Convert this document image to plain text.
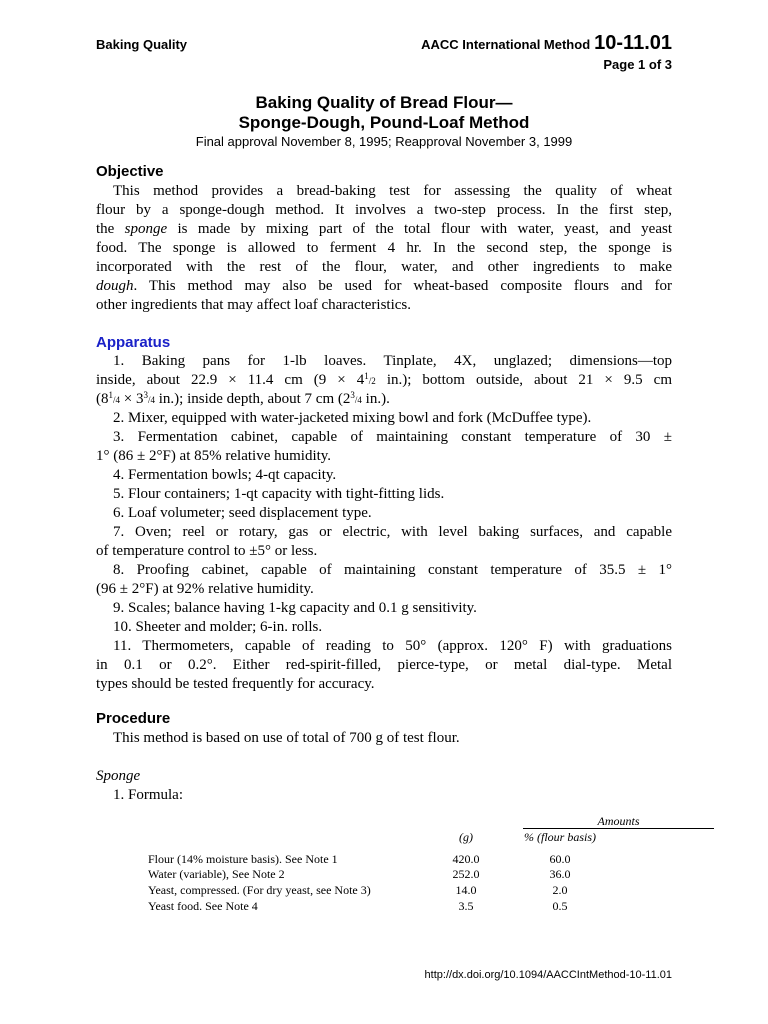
Baking Quality	AACC International Method 10-11.01
Page 1 of 3
Baking Quality of Bread Flour—
Sponge-Dough, Pound-Loaf Method
Final approval November 8, 1995; Reapproval November 3, 1999
Objective

This method provides a bread-baking test for assessing the quality of wheat

flour by a sponge-dough method. It involves a two-step process. In the first step,

the sponge is made by mixing part of the total flour with water, yeast, and yeast

food. The sponge is allowed to ferment 4 hr. In the second step, the sponge is

incorporated with the rest of the flour, water, and other ingredients to make

dough. This method may also be used for wheat-based composite flours and for

other ingredients that may affect loaf characteristics.

Apparatus

1. Baking pans for 1-lb loaves. Tinplate, 4X, unglazed; dimensions—top

inside, about 22.9 × 11.4 cm ($9 \times 4^1/2$ in.); bottom outside, about 21 × 9.5 cm

($8^1/4 \times 3^3/4$ in.); inside depth, about 7 cm ($2^3/4$ in.).

2. Mixer, equipped with water-jacketed mixing bowl and fork (McDuffee type).

3. Fermentation cabinet, capable of maintaining constant temperature of 30 ±

1° (86 ± 2°F) at 85% relative humidity.

4. Fermentation bowls; 4-qt capacity.

5. Flour containers; 1-qt capacity with tight-fitting lids.

6. Loaf volumeter; seed displacement type.

7. Oven; reel or rotary, gas or electric, with level baking surfaces, and capable

of temperature control to ±5° or less.

8. Proofing cabinet, capable of maintaining constant temperature of 35.5 ± 1°

(96 ± 2°F) at 92% relative humidity.

9. Scales; balance having 1-kg capacity and 0.1 g sensitivity.

10. Sheeter and molder; 6-in. rolls.

11. Thermometers, capable of reading to 50° (approx. 120° F) with graduations

in 0.1 or 0.2°. Either red-spirit-filled, pierce-type, or metal dial-type. Metal

types should be tested frequently for accuracy.

Procedure

This method is based on use of total of 700 g of test flour.

Sponge

1. Formula:

Amounts
(g)	% (flour basis)
Flour (14% moisture basis). See Note 1	420.0	60.0
Water (variable), See Note 2	252.0	36.0
Yeast, compressed. (For dry yeast, see Note 3)	14.0	2.0
Yeast food. See Note 4	3.5	0.5
http://dx.doi.org/10.1094/AACCIntMethod-10-11.01
